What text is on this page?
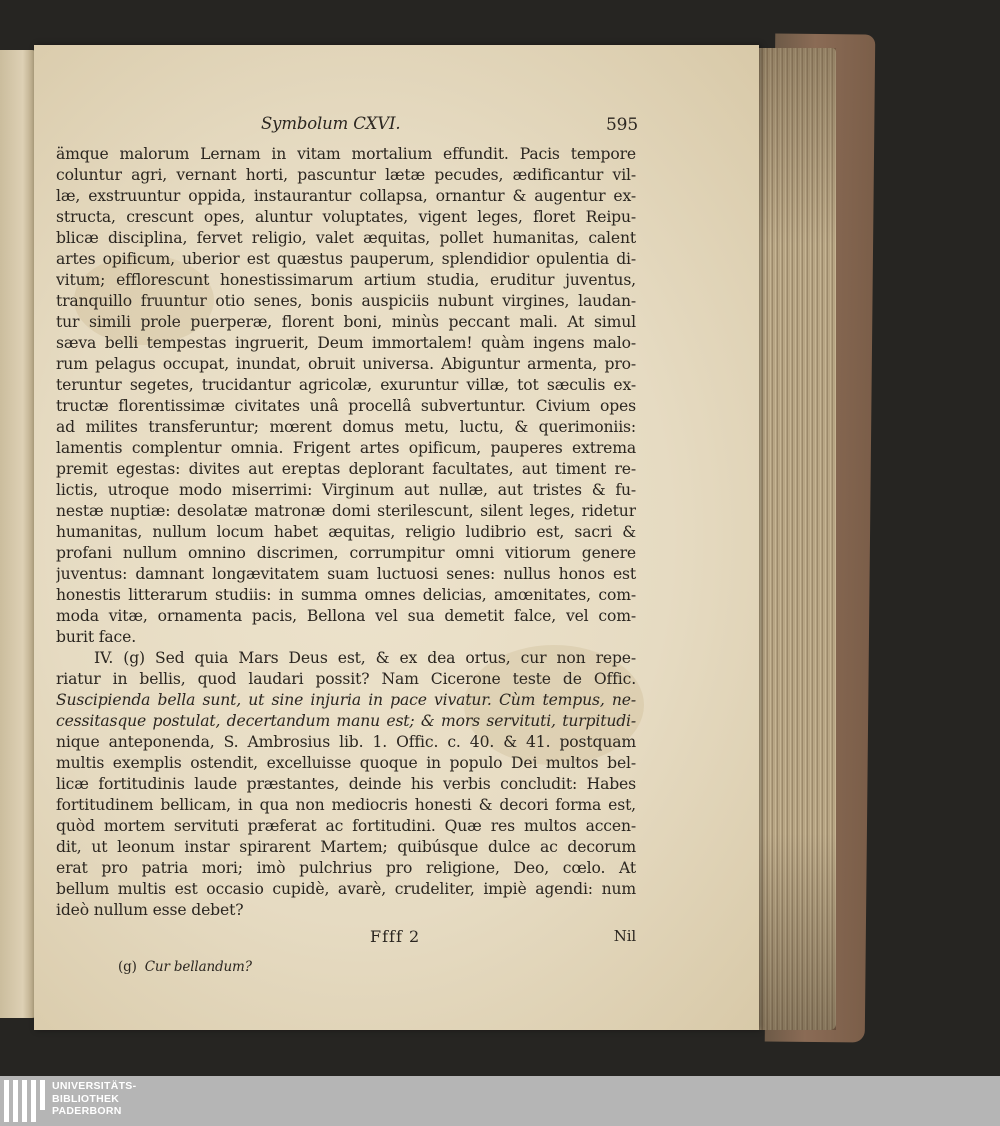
Symbolum CXVI.	595
ämque malorum Lernam in vitam mortalium effundit. Pacis tempore
coluntur agri, vernant horti, pascuntur lætæ pecudes, ædificantur vil-
læ, exstruuntur oppida, instaurantur collapsa, ornantur & augentur ex-
structa, crescunt opes, aluntur voluptates, vigent leges, floret Reipu-
blicæ disciplina, fervet religio, valet æquitas, pollet humanitas, calent
artes opificum, uberior est quæstus pauperum, splendidior opulentia di-
vitum; efflorescunt honestissimarum artium studia, eruditur juventus,
tranquillo fruuntur otio senes, bonis auspiciis nubunt virgines, laudan-
tur simili prole puerperæ, florent boni, minùs peccant mali. At simul
sæva belli tempestas ingruerit, Deum immortalem! quàm ingens malo-
rum pelagus occupat, inundat, obruit universa. Abiguntur armenta, pro-
teruntur segetes, trucidantur agricolæ, exuruntur villæ, tot sæculis ex-
tructæ florentissimæ civitates unâ procellâ subvertuntur. Civium opes
ad milites transferuntur; mœrent domus metu, luctu, & querimoniis:
lamentis complentur omnia. Frigent artes opificum, pauperes extrema
premit egestas: divites aut ereptas deplorant facultates, aut timent re-
lictis, utroque modo miserrimi: Virginum aut nullæ, aut tristes & fu-
nestæ nuptiæ: desolatæ matronæ domi sterilescunt, silent leges, ridetur
humanitas, nullum locum habet æquitas, religio ludibrio est, sacri &
profani nullum omnino discrimen, corrumpitur omni vitiorum genere
juventus: damnant longævitatem suam luctuosi senes: nullus honos est
honestis litterarum studiis: in summa omnes delicias, amœnitates, com-
moda vitæ, ornamenta pacis, Bellona vel sua demetit falce, vel com-
burit face.
IV. (g) Sed quia Mars Deus est, & ex dea ortus, cur non repe-
riatur in bellis, quod laudari possit? Nam Cicerone teste de Offic.
Suscipienda bella sunt, ut sine injuria in pace vivatur. Cùm tempus, ne-
cessitasque postulat, decertandum manu est; & mors servituti, turpitudi-
nique anteponenda, S. Ambrosius lib. 1. Offic. c. 40. & 41. postquam
multis exemplis ostendit, excelluisse quoque in populo Dei multos bel-
licæ fortitudinis laude præstantes, deinde his verbis concludit: Habes
fortitudinem bellicam, in qua non mediocris honesti & decori forma est,
quòd mortem servituti præferat ac fortitudini. Quæ res multos accen-
dit, ut leonum instar spirarent Martem; quibúsque dulce ac decorum
erat pro patria mori; imò pulchrius pro religione, Deo, cœlo. At
bellum multis est occasio cupidè, avarè, crudeliter, impiè agendi: num
ideò nullum esse debet?
Ffff 2	Nil
(g) Cur bellandum?
UNIVERSITÄTS-
BIBLIOTHEK
PADERBORN
